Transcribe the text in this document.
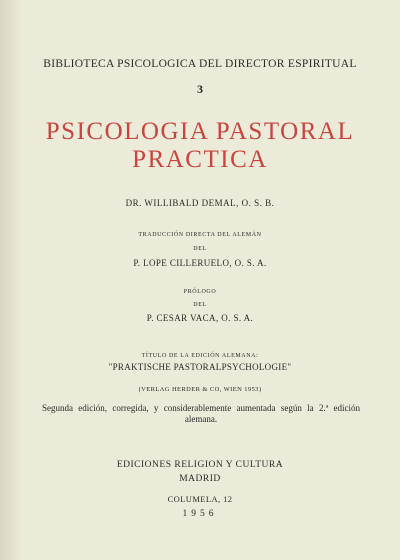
BIBLIOTECA PSICOLOGICA DEL DIRECTOR ESPIRITUAL
3
PSICOLOGIA PASTORAL
PRACTICA
DR. WILLIBALD DEMAL, O. S. B.
TRADUCCIÓN DIRECTA DEL ALEMÁN
DEL
P. LOPE CILLERUELO, O. S. A.
PRÓLOGO
DEL
P. CESAR VACA, O. S. A.
TÍTULO DE LA EDICIÓN ALEMANA:
"PRAKTISCHE PASTORALPSYCHOLOGIE"
(VERLAG HERDER & CO, WIEN 1953)
Segunda edición, corregida, y considerablemente aumentada según la 2.ª edición alemana.
EDICIONES RELIGION Y CULTURA
MADRID
COLUMELA, 12
1956
